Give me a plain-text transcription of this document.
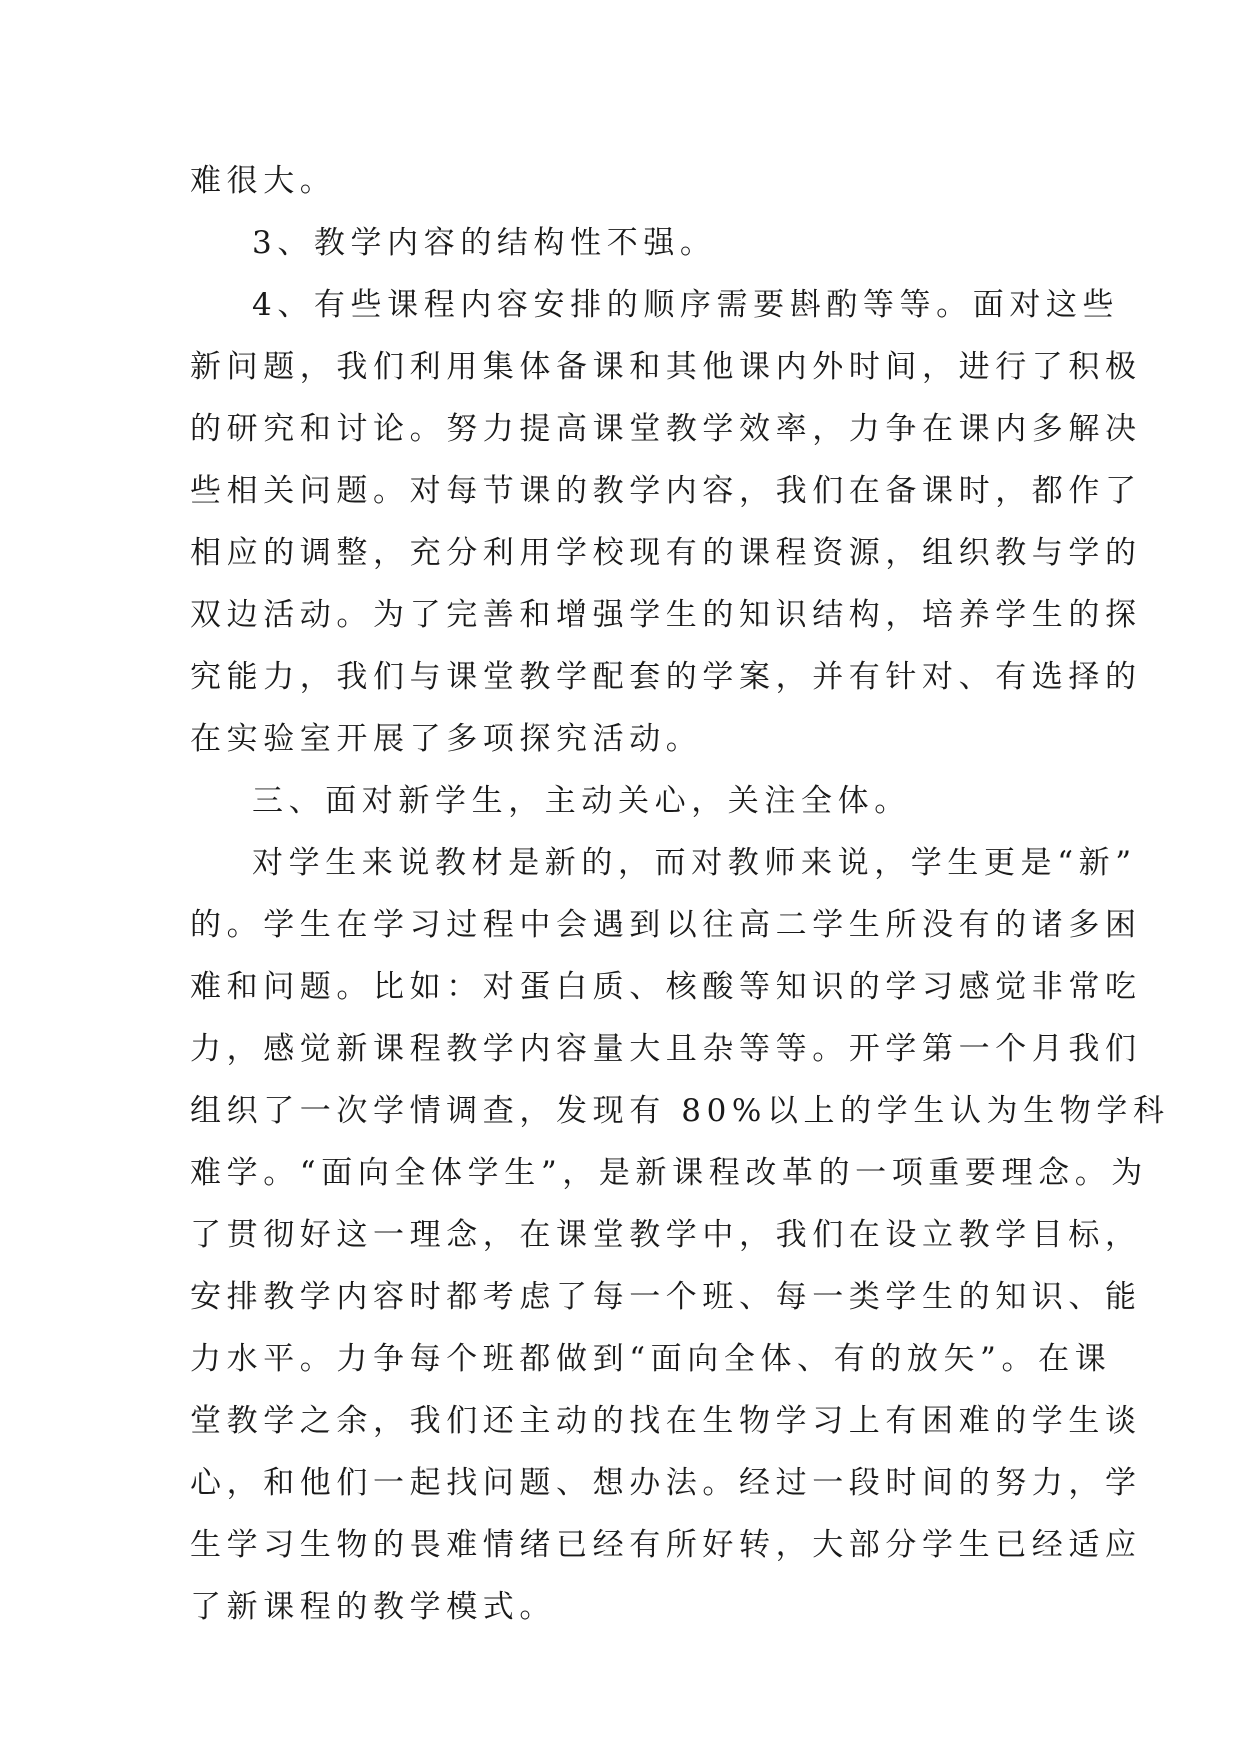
难很大。
3、教学内容的结构性不强。
4、有些课程内容安排的顺序需要斟酌等等。面对这些
新问题，我们利用集体备课和其他课内外时间，进行了积极
的研究和讨论。努力提高课堂教学效率，力争在课内多解决
些相关问题。对每节课的教学内容，我们在备课时，都作了
相应的调整，充分利用学校现有的课程资源，组织教与学的
双边活动。为了完善和增强学生的知识结构，培养学生的探
究能力，我们与课堂教学配套的学案，并有针对、有选择的
在实验室开展了多项探究活动。
三、面对新学生，主动关心，关注全体。
对学生来说教材是新的，而对教师来说，学生更是“新”
的。学生在学习过程中会遇到以往高二学生所没有的诸多困
难和问题。比如：对蛋白质、核酸等知识的学习感觉非常吃
力，感觉新课程教学内容量大且杂等等。开学第一个月我们
组织了一次学情调查，发现有 80%以上的学生认为生物学科
难学。“面向全体学生”，是新课程改革的一项重要理念。为
了贯彻好这一理念，在课堂教学中，我们在设立教学目标，
安排教学内容时都考虑了每一个班、每一类学生的知识、能
力水平。力争每个班都做到“面向全体、有的放矢”。在课
堂教学之余，我们还主动的找在生物学习上有困难的学生谈
心，和他们一起找问题、想办法。经过一段时间的努力，学
生学习生物的畏难情绪已经有所好转，大部分学生已经适应
了新课程的教学模式。
